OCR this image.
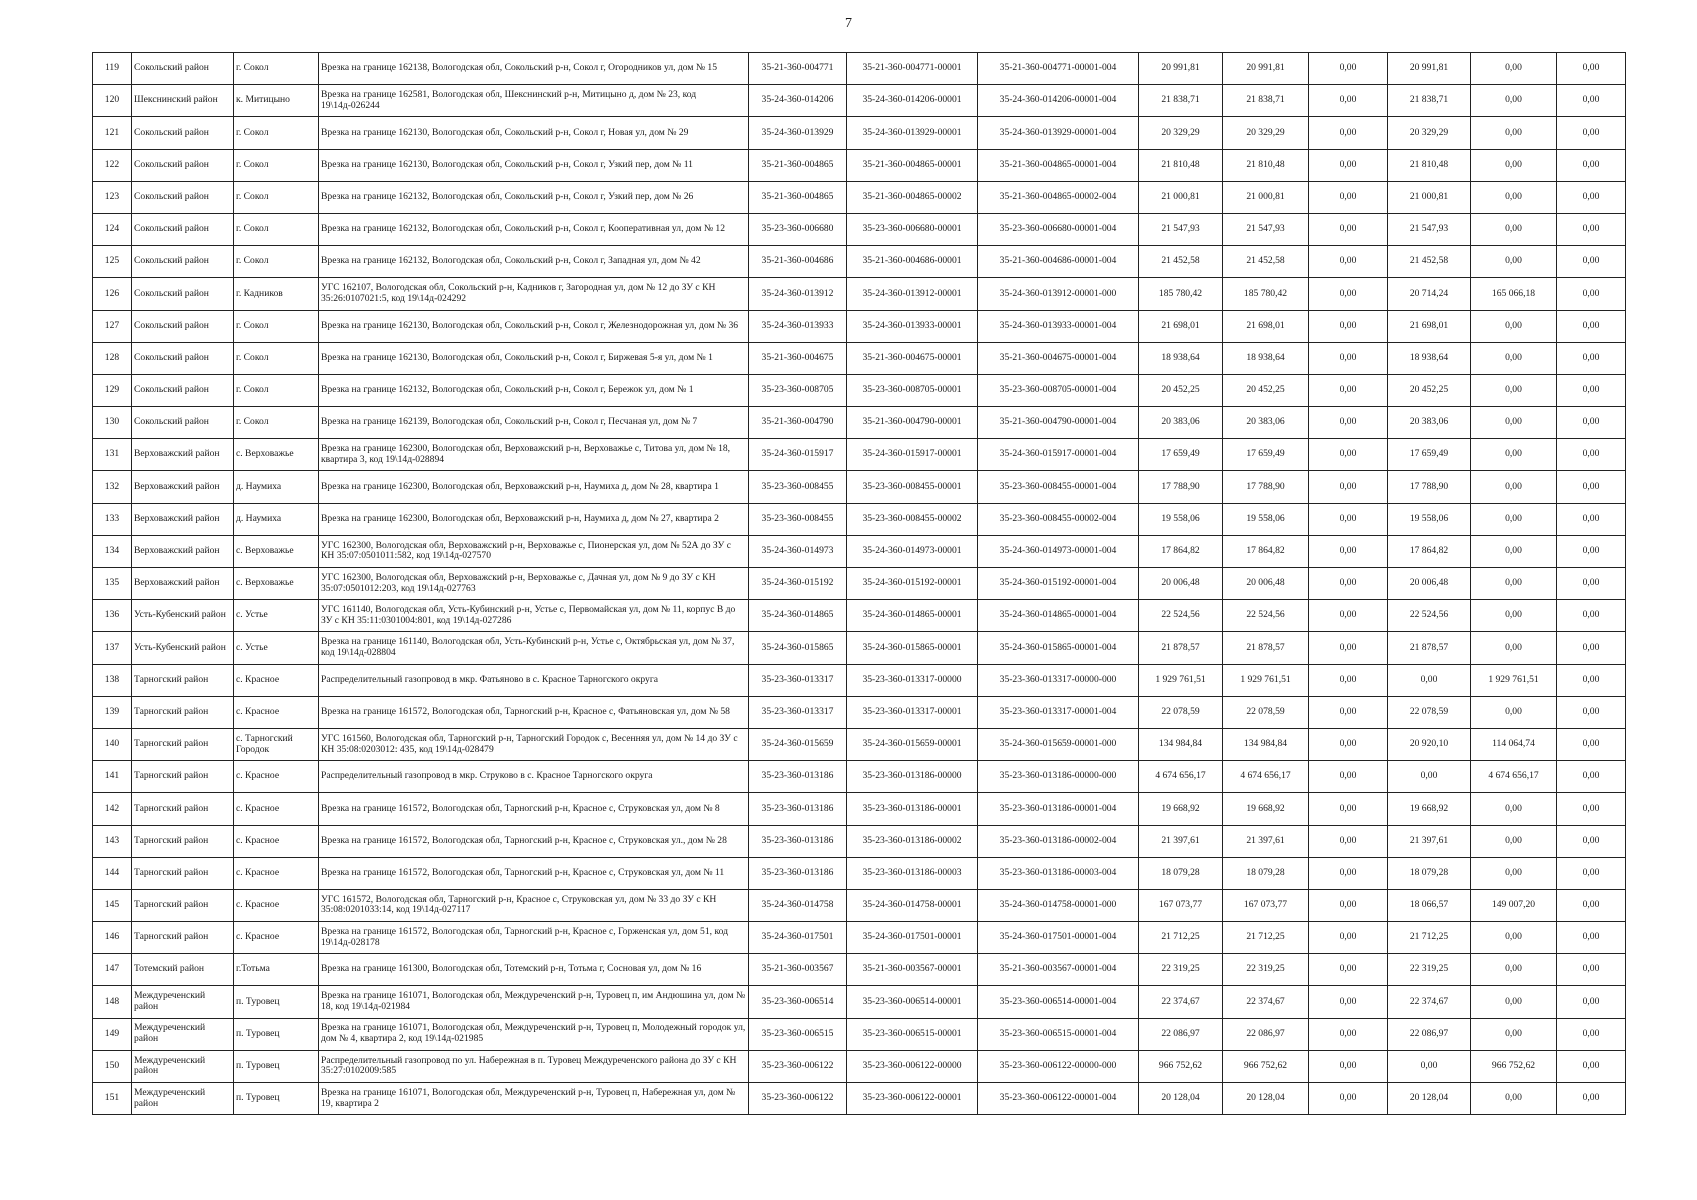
7
119	Сокольский район	г. Сокол	Врезка на границе 162138, Вологодская обл, Сокольский р-н, Сокол г, Огородников ул, дом № 15	35-21-360-004771	35-21-360-004771-00001	35-21-360-004771-00001-004	20 991,81	20 991,81	0,00	20 991,81	0,00	0,00
120	Шекснинский район	к. Митицыно	Врезка на границе 162581, Вологодская обл, Шекснинский р-н, Митицыно д, дом № 23, код 19\14д-026244	35-24-360-014206	35-24-360-014206-00001	35-24-360-014206-00001-004	21 838,71	21 838,71	0,00	21 838,71	0,00	0,00
121	Сокольский район	г. Сокол	Врезка на границе 162130, Вологодская обл, Сокольский р-н, Сокол г, Новая ул, дом № 29	35-24-360-013929	35-24-360-013929-00001	35-24-360-013929-00001-004	20 329,29	20 329,29	0,00	20 329,29	0,00	0,00
122	Сокольский район	г. Сокол	Врезка на границе 162130, Вологодская обл, Сокольский р-н, Сокол г, Узкий пер, дом № 11	35-21-360-004865	35-21-360-004865-00001	35-21-360-004865-00001-004	21 810,48	21 810,48	0,00	21 810,48	0,00	0,00
123	Сокольский район	г. Сокол	Врезка на границе 162132, Вологодская обл, Сокольский р-н, Сокол г, Узкий пер, дом № 26	35-21-360-004865	35-21-360-004865-00002	35-21-360-004865-00002-004	21 000,81	21 000,81	0,00	21 000,81	0,00	0,00
124	Сокольский район	г. Сокол	Врезка на границе 162132, Вологодская обл, Сокольский р-н, Сокол г, Кооперативная ул, дом № 12	35-23-360-006680	35-23-360-006680-00001	35-23-360-006680-00001-004	21 547,93	21 547,93	0,00	21 547,93	0,00	0,00
125	Сокольский район	г. Сокол	Врезка на границе 162132, Вологодская обл, Сокольский р-н, Сокол г, Западная ул, дом № 42	35-21-360-004686	35-21-360-004686-00001	35-21-360-004686-00001-004	21 452,58	21 452,58	0,00	21 452,58	0,00	0,00
126	Сокольский район	г. Кадников	УГС 162107, Вологодская обл, Сокольский р-н, Кадников г, Загородная ул, дом № 12 до ЗУ с КН 35:26:0107021:5, код 19\14д-024292	35-24-360-013912	35-24-360-013912-00001	35-24-360-013912-00001-000	185 780,42	185 780,42	0,00	20 714,24	165 066,18	0,00
127	Сокольский район	г. Сокол	Врезка на границе 162130, Вологодская обл, Сокольский р-н, Сокол г, Железнодорожная ул, дом № 36	35-24-360-013933	35-24-360-013933-00001	35-24-360-013933-00001-004	21 698,01	21 698,01	0,00	21 698,01	0,00	0,00
128	Сокольский район	г. Сокол	Врезка на границе 162130, Вологодская обл, Сокольский р-н, Сокол г, Биржевая 5-я ул, дом № 1	35-21-360-004675	35-21-360-004675-00001	35-21-360-004675-00001-004	18 938,64	18 938,64	0,00	18 938,64	0,00	0,00
129	Сокольский район	г. Сокол	Врезка на границе 162132, Вологодская обл, Сокольский р-н, Сокол г, Бережок ул, дом № 1	35-23-360-008705	35-23-360-008705-00001	35-23-360-008705-00001-004	20 452,25	20 452,25	0,00	20 452,25	0,00	0,00
130	Сокольский район	г. Сокол	Врезка на границе 162139, Вологодская обл, Сокольский р-н, Сокол г, Песчаная ул, дом № 7	35-21-360-004790	35-21-360-004790-00001	35-21-360-004790-00001-004	20 383,06	20 383,06	0,00	20 383,06	0,00	0,00
131	Верховажский район	с. Верховажье	Врезка на границе 162300, Вологодская обл, Верховажский р-н, Верховажье с, Титова ул, дом № 18, квартира 3, код 19\14д-028894	35-24-360-015917	35-24-360-015917-00001	35-24-360-015917-00001-004	17 659,49	17 659,49	0,00	17 659,49	0,00	0,00
132	Верховажский район	д. Наумиха	Врезка на границе 162300, Вологодская обл, Верховажский р-н, Наумиха д, дом № 28, квартира 1	35-23-360-008455	35-23-360-008455-00001	35-23-360-008455-00001-004	17 788,90	17 788,90	0,00	17 788,90	0,00	0,00
133	Верховажский район	д. Наумиха	Врезка на границе 162300, Вологодская обл, Верховажский р-н, Наумиха д, дом № 27, квартира 2	35-23-360-008455	35-23-360-008455-00002	35-23-360-008455-00002-004	19 558,06	19 558,06	0,00	19 558,06	0,00	0,00
134	Верховажский район	с. Верховажье	УГС 162300, Вологодская обл, Верховажский р-н, Верховажье с, Пионерская ул, дом № 52А до ЗУ с КН 35:07:0501011:582, код 19\14д-027570	35-24-360-014973	35-24-360-014973-00001	35-24-360-014973-00001-004	17 864,82	17 864,82	0,00	17 864,82	0,00	0,00
135	Верховажский район	с. Верховажье	УГС 162300, Вологодская обл, Верховажский р-н, Верховажье с, Дачная ул, дом № 9 до ЗУ с КН 35:07:0501012:203, код 19\14д-027763	35-24-360-015192	35-24-360-015192-00001	35-24-360-015192-00001-004	20 006,48	20 006,48	0,00	20 006,48	0,00	0,00
136	Усть-Кубенский район	с. Устье	УГС 161140, Вологодская обл, Усть-Кубинский р-н, Устье с, Первомайская ул, дом № 11, корпус В до ЗУ с КН 35:11:0301004:801, код 19\14д-027286	35-24-360-014865	35-24-360-014865-00001	35-24-360-014865-00001-004	22 524,56	22 524,56	0,00	22 524,56	0,00	0,00
137	Усть-Кубенский район	с. Устье	Врезка на границе 161140, Вологодская обл, Усть-Кубинский р-н, Устье с, Октябрьская ул, дом № 37, код 19\14д-028804	35-24-360-015865	35-24-360-015865-00001	35-24-360-015865-00001-004	21 878,57	21 878,57	0,00	21 878,57	0,00	0,00
138	Тарногский район	с. Красное	Распределительный газопровод в мкр. Фатьяново в с. Красное Тарногского округа	35-23-360-013317	35-23-360-013317-00000	35-23-360-013317-00000-000	1 929 761,51	1 929 761,51	0,00	0,00	1 929 761,51	0,00
139	Тарногский район	с. Красное	Врезка на границе 161572, Вологодская обл, Тарногский р-н, Красное с, Фатьяновская ул, дом № 58	35-23-360-013317	35-23-360-013317-00001	35-23-360-013317-00001-004	22 078,59	22 078,59	0,00	22 078,59	0,00	0,00
140	Тарногский район	с. Тарногский Городок	УГС 161560, Вологодская обл, Тарногский р-н, Тарногский Городок с, Весенняя ул, дом № 14 до ЗУ с КН 35:08:0203012: 435, код 19\14д-028479	35-24-360-015659	35-24-360-015659-00001	35-24-360-015659-00001-000	134 984,84	134 984,84	0,00	20 920,10	114 064,74	0,00
141	Тарногский район	с. Красное	Распределительный газопровод в мкр. Струково в с. Красное Тарногского округа	35-23-360-013186	35-23-360-013186-00000	35-23-360-013186-00000-000	4 674 656,17	4 674 656,17	0,00	0,00	4 674 656,17	0,00
142	Тарногский район	с. Красное	Врезка на границе 161572, Вологодская обл, Тарногский р-н, Красное с, Струковская ул, дом № 8	35-23-360-013186	35-23-360-013186-00001	35-23-360-013186-00001-004	19 668,92	19 668,92	0,00	19 668,92	0,00	0,00
143	Тарногский район	с. Красное	Врезка на границе 161572, Вологодская обл, Тарногский р-н, Красное с, Струковская ул., дом № 28	35-23-360-013186	35-23-360-013186-00002	35-23-360-013186-00002-004	21 397,61	21 397,61	0,00	21 397,61	0,00	0,00
144	Тарногский район	с. Красное	Врезка на границе 161572, Вологодская обл, Тарногский р-н, Красное с, Струковская ул, дом № 11	35-23-360-013186	35-23-360-013186-00003	35-23-360-013186-00003-004	18 079,28	18 079,28	0,00	18 079,28	0,00	0,00
145	Тарногский район	с. Красное	УГС 161572, Вологодская обл, Тарногский р-н, Красное с, Струковская ул, дом № 33 до ЗУ с КН 35:08:0201033:14, код 19\14д-027117	35-24-360-014758	35-24-360-014758-00001	35-24-360-014758-00001-000	167 073,77	167 073,77	0,00	18 066,57	149 007,20	0,00
146	Тарногский район	с. Красное	Врезка на границе 161572, Вологодская обл, Тарногский р-н, Красное с, Горженская ул, дом 51, код 19\14д-028178	35-24-360-017501	35-24-360-017501-00001	35-24-360-017501-00001-004	21 712,25	21 712,25	0,00	21 712,25	0,00	0,00
147	Тотемский район	г.Тотьма	Врезка на границе 161300, Вологодская обл, Тотемский р-н, Тотьма г, Сосновая ул, дом № 16	35-21-360-003567	35-21-360-003567-00001	35-21-360-003567-00001-004	22 319,25	22 319,25	0,00	22 319,25	0,00	0,00
148	Междуреченский район	п. Туровец	Врезка на границе 161071, Вологодская обл, Междуреченский р-н, Туровец п, им Андюшина ул, дом № 18, код 19\14д-021984	35-23-360-006514	35-23-360-006514-00001	35-23-360-006514-00001-004	22 374,67	22 374,67	0,00	22 374,67	0,00	0,00
149	Междуреченский район	п. Туровец	Врезка на границе 161071, Вологодская обл, Междуреченский р-н, Туровец п, Молодежный городок ул, дом № 4, квартира 2, код 19\14д-021985	35-23-360-006515	35-23-360-006515-00001	35-23-360-006515-00001-004	22 086,97	22 086,97	0,00	22 086,97	0,00	0,00
150	Междуреченский район	п. Туровец	Распределительный газопровод по ул. Набережная в п. Туровец Междуреченского района до ЗУ с КН 35:27:0102009:585	35-23-360-006122	35-23-360-006122-00000	35-23-360-006122-00000-000	966 752,62	966 752,62	0,00	0,00	966 752,62	0,00
151	Междуреченский район	п. Туровец	Врезка на границе 161071, Вологодская обл, Междуреченский р-н, Туровец п, Набережная ул, дом № 19, квартира 2	35-23-360-006122	35-23-360-006122-00001	35-23-360-006122-00001-004	20 128,04	20 128,04	0,00	20 128,04	0,00	0,00
